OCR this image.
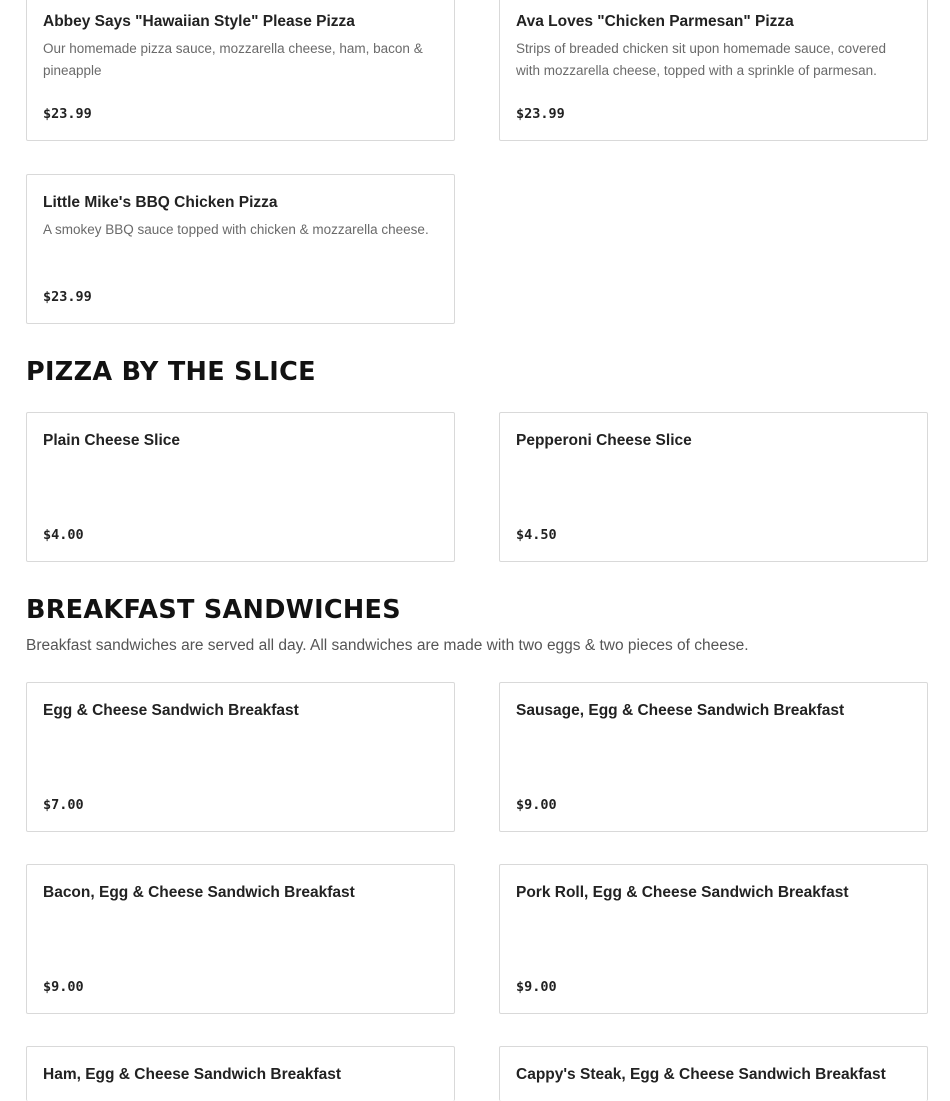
Abbey Says "Hawaiian Style" Please Pizza
Our homemade pizza sauce, mozzarella cheese, ham, bacon & pineapple
$23.99
Ava Loves "Chicken Parmesan" Pizza
Strips of breaded chicken sit upon homemade sauce, covered with mozzarella cheese, topped with a sprinkle of parmesan.
$23.99
Little Mike's BBQ Chicken Pizza
A smokey BBQ sauce topped with chicken & mozzarella cheese.
$23.99
PIZZA BY THE SLICE
Plain Cheese Slice
$4.00
Pepperoni Cheese Slice
$4.50
BREAKFAST SANDWICHES
Breakfast sandwiches are served all day. All sandwiches are made with two eggs & two pieces of cheese.
Egg & Cheese Sandwich Breakfast
$7.00
Sausage, Egg & Cheese Sandwich Breakfast
$9.00
Bacon, Egg & Cheese Sandwich Breakfast
$9.00
Pork Roll, Egg & Cheese Sandwich Breakfast
$9.00
Ham, Egg & Cheese Sandwich Breakfast	Cappy's Steak, Egg & Cheese Sandwich Breakfast
